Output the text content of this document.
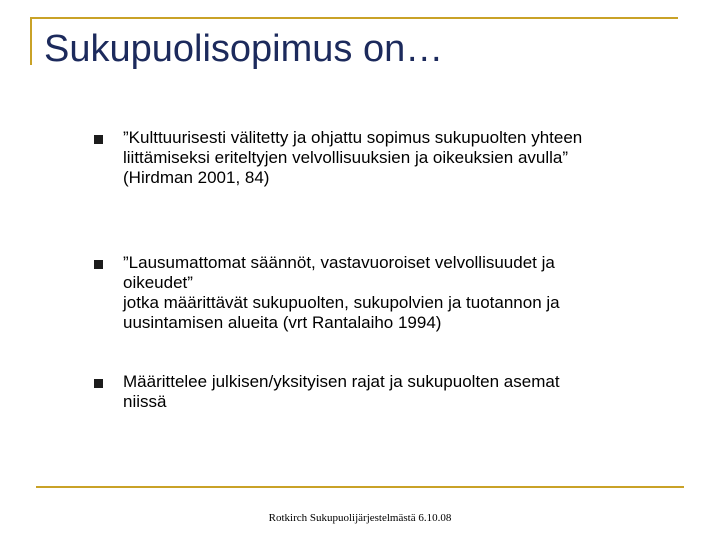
Sukupuolisopimus on…
”Kulttuurisesti välitetty ja ohjattu sopimus sukupuolten yhteen
liittämiseksi eriteltyjen velvollisuuksien ja oikeuksien avulla”
(Hirdman 2001, 84)
”Lausumattomat säännöt, vastavuoroiset velvollisuudet ja
oikeudet”
jotka määrittävät sukupuolten, sukupolvien ja tuotannon ja
uusintamisen alueita (vrt Rantalaiho 1994)
Määrittelee julkisen/yksityisen rajat ja sukupuolten asemat
niissä
Rotkirch Sukupuolijärjestelmästä 6.10.08
